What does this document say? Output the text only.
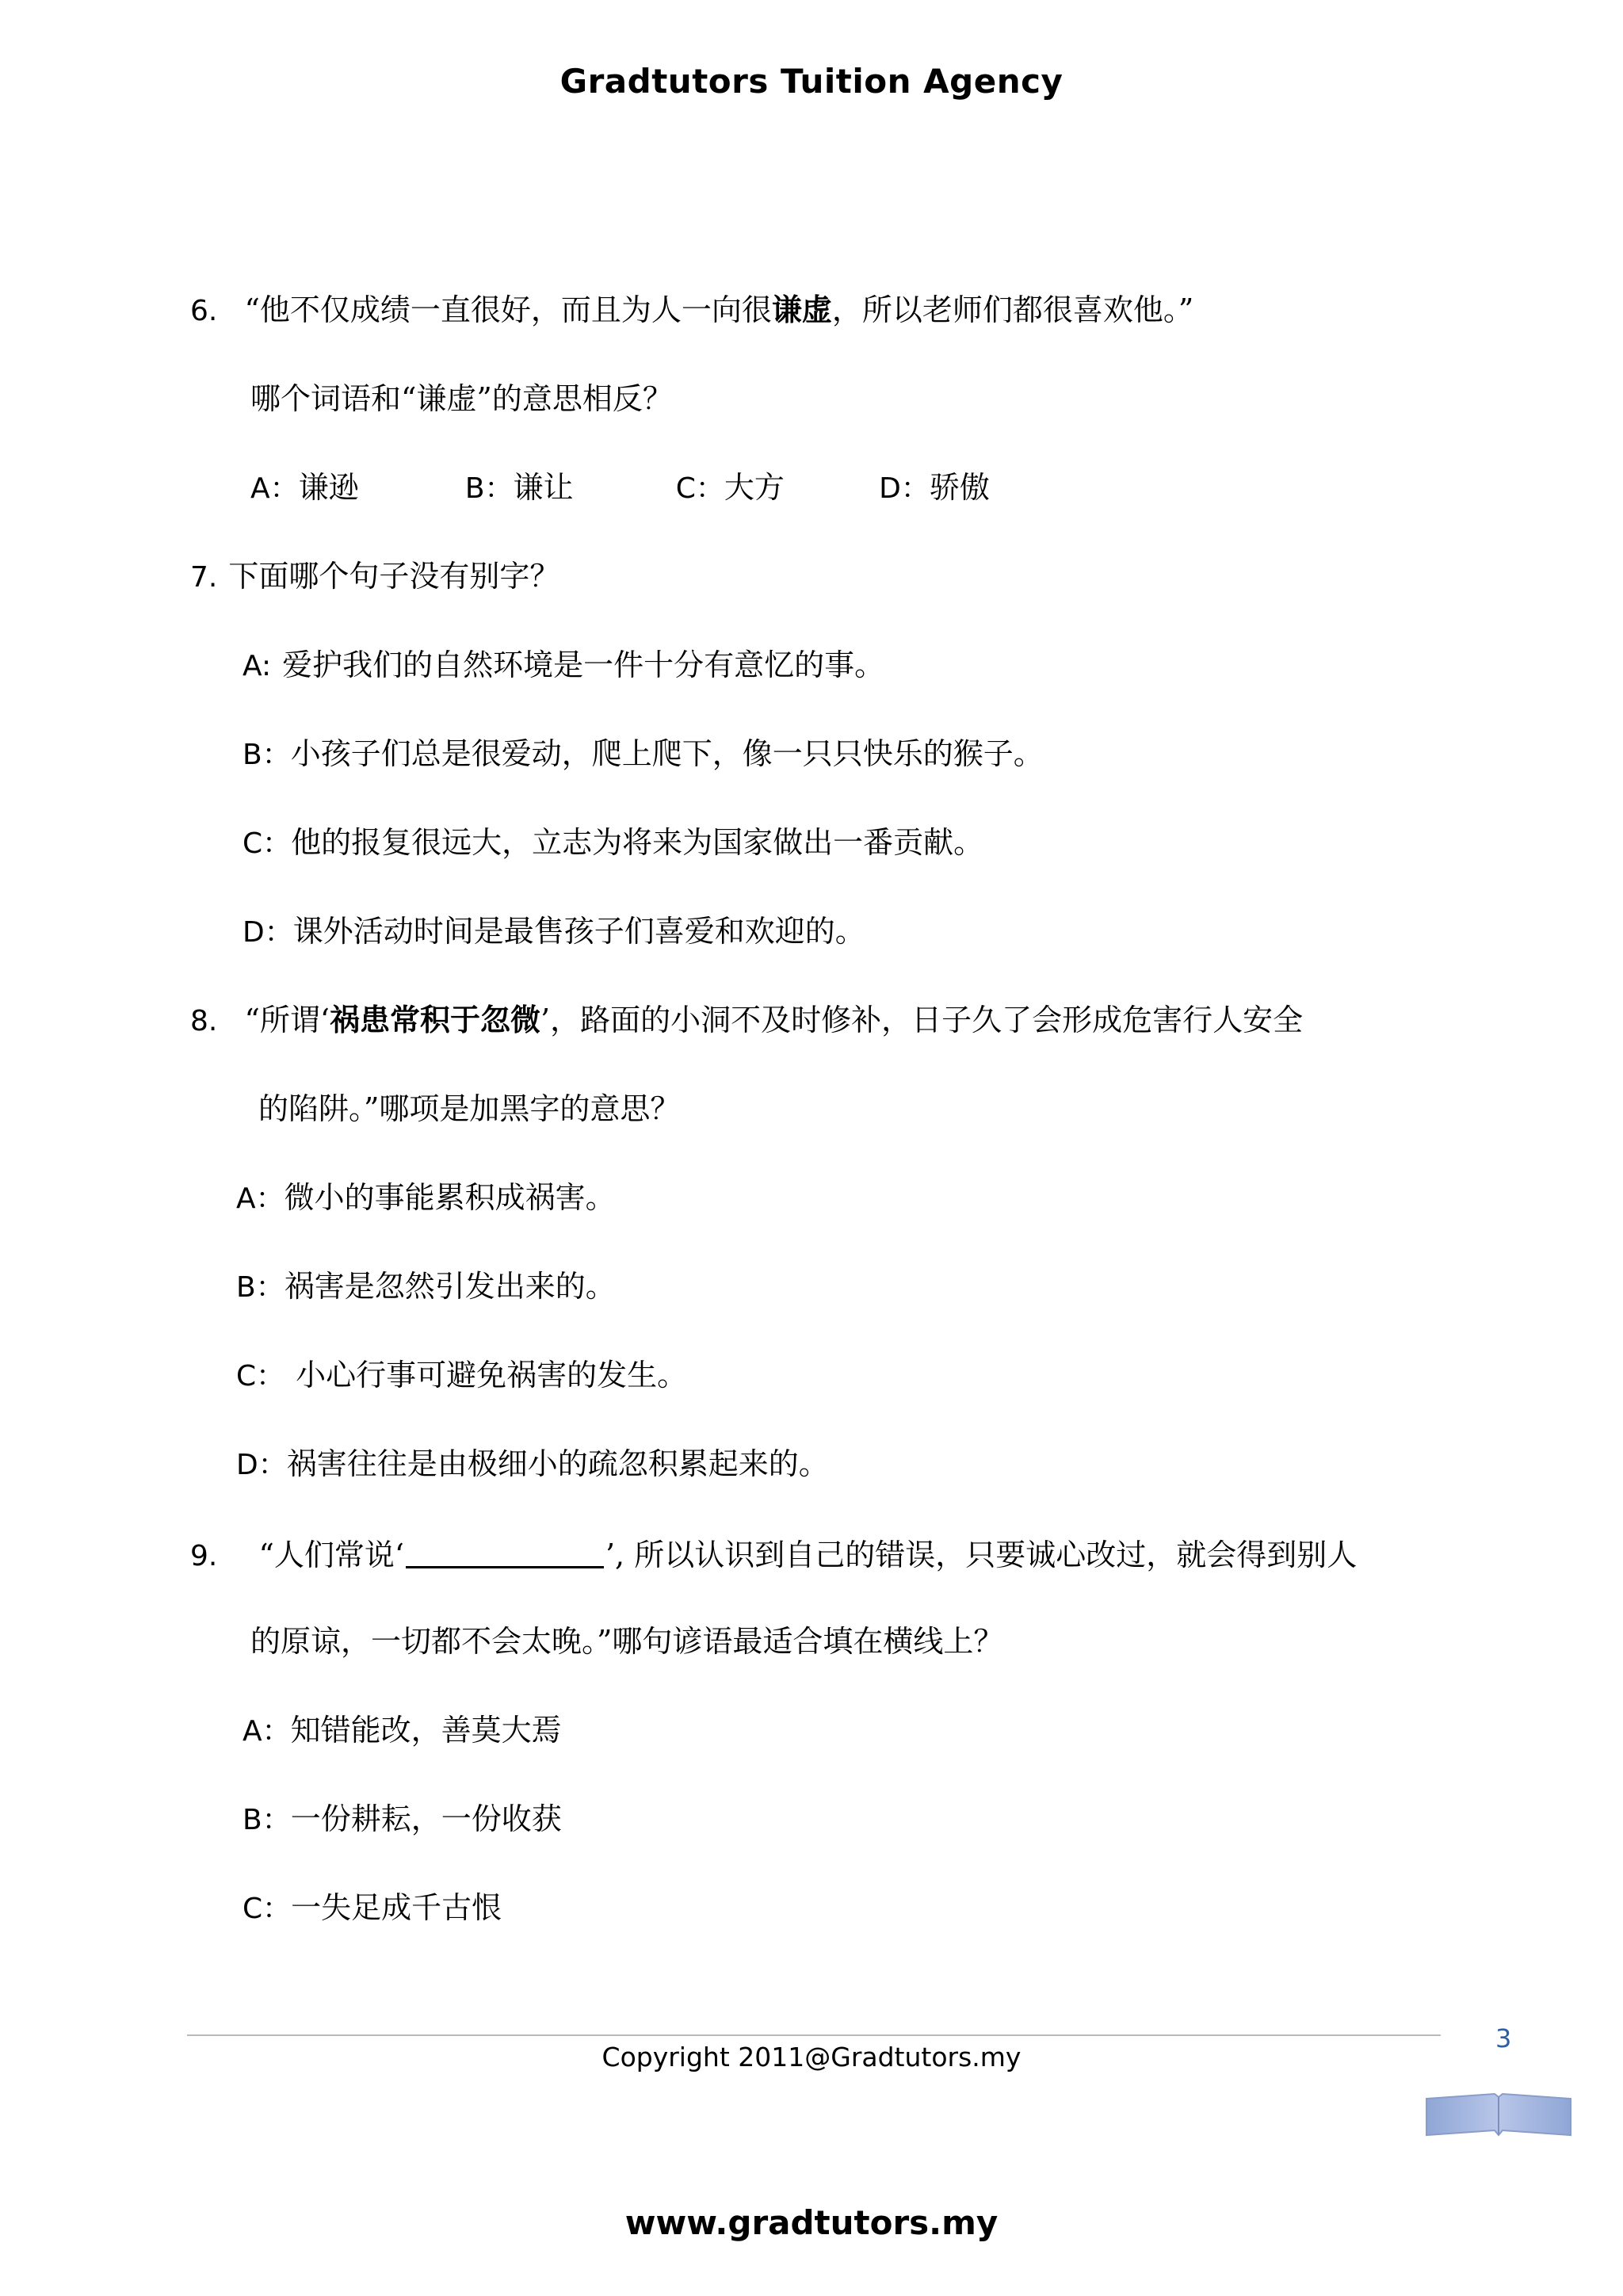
Gradtutors Tuition Agency
6. “他不仅成绩一直很好，而且为人一向很谦虚，所以老师们都很喜欢他。”
哪个词语和“谦虚”的意思相反？
A：谦逊	B：谦让	C：大方	D：骄傲
7. 下面哪个句子没有别字？
A: 爱护我们的自然环境是一件十分有意忆的事。
B：小孩子们总是很爱动，爬上爬下，像一只只快乐的猴子。
C：他的报复很远大，立志为将来为国家做出一番贡献。
D：课外活动时间是最售孩子们喜爱和欢迎的。
8. “所谓‘祸患常积于忽微’，路面的小洞不及时修补，日子久了会形成危害行人安全
的陷阱。”哪项是加黑字的意思？
A：微小的事能累积成祸害。
B：祸害是忽然引发出来的。
C： 小心行事可避免祸害的发生。
D：祸害往往是由极细小的疏忽积累起来的。
9. “人们常说‘	’, 所以认识到自己的错误，只要诚心改过，就会得到别人
的原谅，一切都不会太晚。”哪句谚语最适合填在横线上？
A：知错能改，善莫大焉
B：一份耕耘，一份收获
C：一失足成千古恨
3
Copyright 2011@Gradtutors.my
www.gradtutors.my
